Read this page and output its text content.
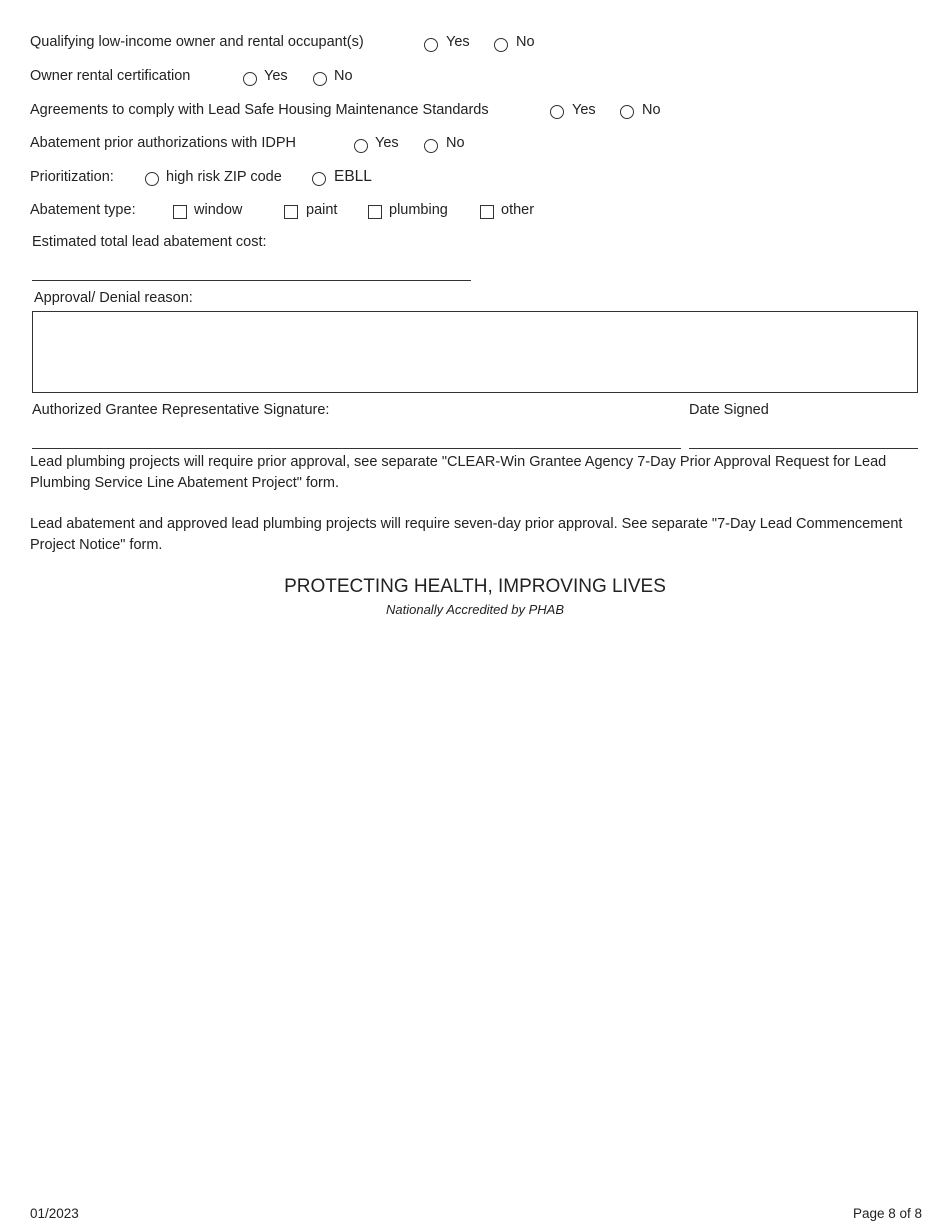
Qualifying low-income owner and rental occupant(s)	Yes	No
Owner rental certification	Yes	No
Agreements to comply with Lead Safe Housing Maintenance Standards	Yes	No
Abatement prior authorizations with IDPH	Yes	No
Prioritization:	high risk ZIP code	EBLL
Abatement type:	window	paint	plumbing	other
Estimated total lead abatement cost:
Approval/ Denial reason:
Authorized Grantee Representative Signature:	Date Signed
Lead plumbing projects will require prior approval, see separate "CLEAR-Win Grantee Agency 7-Day Prior Approval Request for Lead Plumbing Service Line Abatement Project" form.
Lead abatement and approved lead plumbing projects will require seven-day prior approval. See separate "7-Day Lead Commencement Project Notice" form.
PROTECTING HEALTH, IMPROVING LIVES
Nationally Accredited by PHAB
01/2023	Page 8 of 8
